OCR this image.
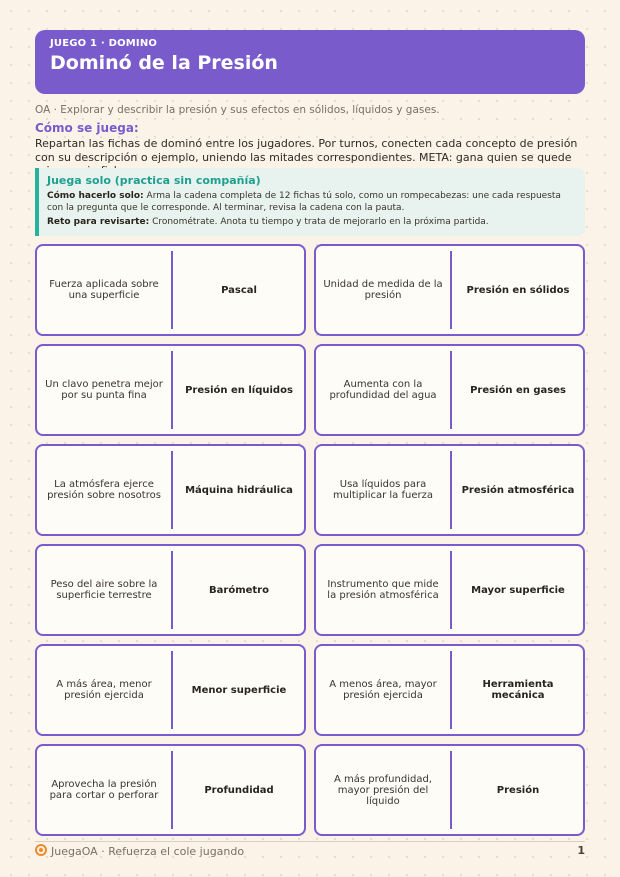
JUEGO 1 · DOMINO
Dominó de la Presión
OA · Explorar y describir la presión y sus efectos en sólidos, líquidos y gases.
Cómo se juega:
Repartan las fichas de dominó entre los jugadores. Por turnos, conecten cada concepto de presión con su descripción o ejemplo, uniendo las mitades correspondientes. META: gana quien se quede
Juega solo (practica sin compañía)
Cómo hacerlo solo: Arma la cadena completa de 12 fichas tú solo, como un rompecabezas: une cada respuesta con la pregunta que le corresponde. Al terminar, revisa la cadena con la pauta.
Reto para revisarte: Cronométrate. Anota tu tiempo y trata de mejorarlo en la próxima partida.
Fuerza aplicada sobre una superficie	Pascal	Unidad de medida de la presión	Presión en sólidos
Un clavo penetra mejor por su punta fina	Presión en líquidos	Aumenta con la profundidad del agua	Presión en gases
La atmósfera ejerce presión sobre nosotros	Máquina hidráulica	Usa líquidos para multiplicar la fuerza	Presión atmosférica
Peso del aire sobre la superficie terrestre	Barómetro	Instrumento que mide la presión atmosférica	Mayor superficie
A más área, menor presión ejercida	Menor superficie	A menos área, mayor presión ejercida
Herramienta mecánica
Aprovecha la presión para cortar o perforar	Profundidad
A más profundidad, mayor presión del líquido
Presión
JuegaOA · Refuerza el cole jugando	1
